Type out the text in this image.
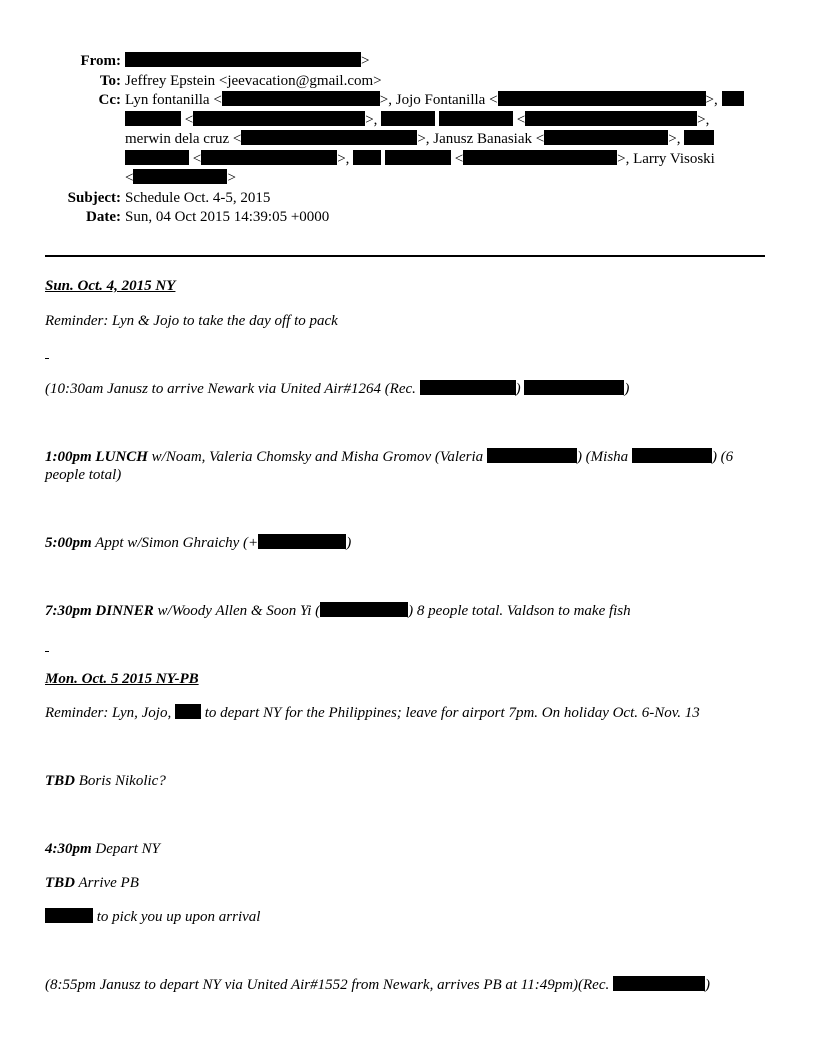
From:	>
To: Jeffrey Epstein <jeevacation@gmail.com>
Cc: Lyn fontanilla <	>, Jojo Fontanilla <	>,
<	>,	<	>,
merwin dela cruz <	>, Janusz Banasiak <	>,
<	>,	<	>, Larry Visoski
<	>
Subject: Schedule Oct. 4-5, 2015
Date: Sun, 04 Oct 2015 14:39:05 +0000
Sun. Oct. 4, 2015 NY
Reminder: Lyn & Jojo to take the day off to pack
(10:30am Janusz to arrive Newark via United Air#1264 (Rec.	)	)
1:00pm LUNCH w/Noam, Valeria Chomsky and Misha Gromov (Valeria	) (Misha	) (6 people total)
5:00pm Appt w/Simon Ghraichy (+	)
7:30pm DINNER w/Woody Allen & Soon Yi (	) 8 people total. Valdson to make fish
Mon. Oct. 5 2015 NY-PB
Reminder: Lyn, Jojo,  to depart NY for the Philippines; leave for airport 7pm. On holiday Oct. 6-Nov. 13
TBD Boris Nikolic?
4:30pm Depart NY
TBD Arrive PB
to pick you up upon arrival
(8:55pm Janusz to depart NY via United Air#1552 from Newark, arrives PB at 11:49pm)(Rec.	)
